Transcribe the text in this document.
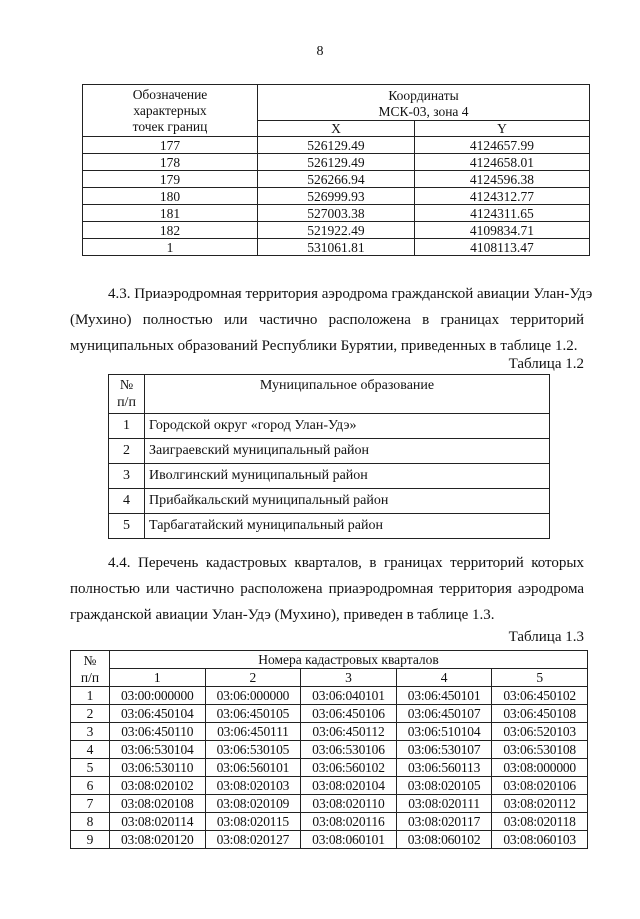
8
Обозначение
характерных
точек границ	Координаты	
	МСК-03, зона 4	
	X	Y
177	526129.49	4124657.99
178	526129.49	4124658.01
179	526266.94	4124596.38
180	526999.93	4124312.77
181	527003.38	4124311.65
182	521922.49	4109834.71
1	531061.81	4108113.47
4.3. Приаэродромная территория аэродрома гражданской авиации Улан-Удэ
(Мухино) полностью или частично расположена в границах территорий
муниципальных образований Республики Бурятии, приведенных в таблице 1.2.
Таблица 1.2
№
п/п	Муниципальное образование
1	Городской округ «город Улан-Удэ»
2	Заиграевский муниципальный район
3	Иволгинский муниципальный район
4	Прибайкальский муниципальный район
5	Тарбагатайский муниципальный район
4.4. Перечень кадастровых кварталов, в границах территорий которых
полностью или частично расположена приаэродромная территория аэродрома
гражданской авиации Улан-Удэ (Мухино), приведен в таблице 1.3.
Таблица 1.3
№
п/п	Номера кадастровых кварталов				
	1	2	3	4	5
1	03:00:000000	03:06:000000	03:06:040101	03:06:450101	03:06:450102
2	03:06:450104	03:06:450105	03:06:450106	03:06:450107	03:06:450108
3	03:06:450110	03:06:450111	03:06:450112	03:06:510104	03:06:520103
4	03:06:530104	03:06:530105	03:06:530106	03:06:530107	03:06:530108
5	03:06:530110	03:06:560101	03:06:560102	03:06:560113	03:08:000000
6	03:08:020102	03:08:020103	03:08:020104	03:08:020105	03:08:020106
7	03:08:020108	03:08:020109	03:08:020110	03:08:020111	03:08:020112
8	03:08:020114	03:08:020115	03:08:020116	03:08:020117	03:08:020118
9	03:08:020120	03:08:020127	03:08:060101	03:08:060102	03:08:060103
